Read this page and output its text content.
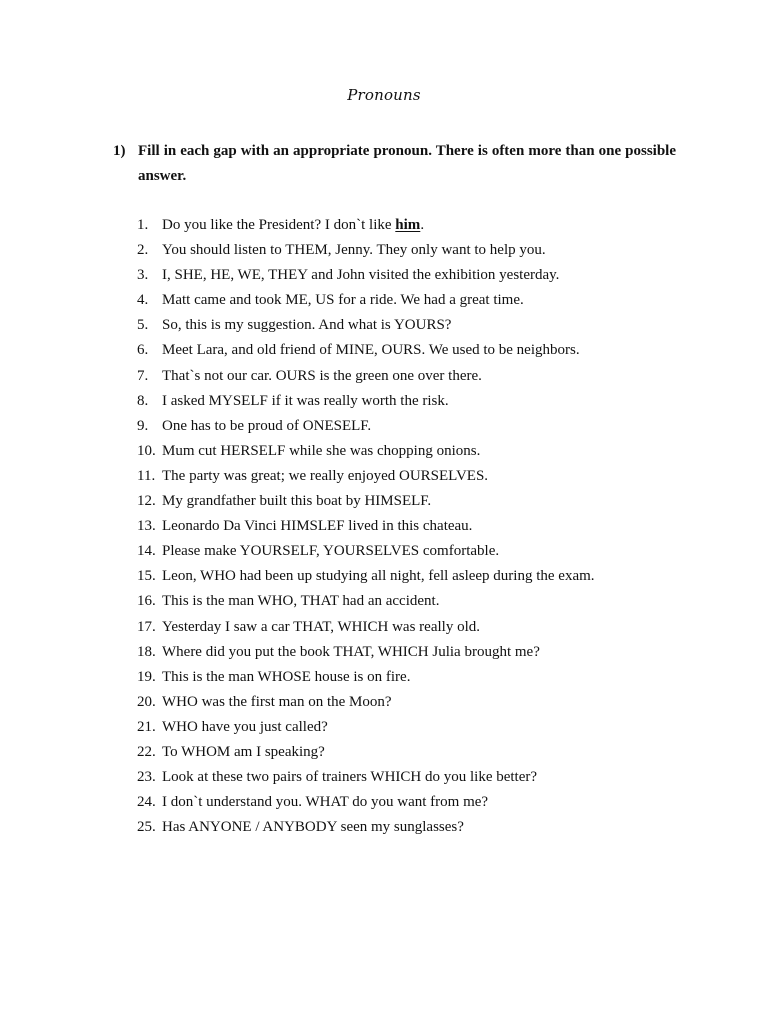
Pronouns
1) Fill in each gap with an appropriate pronoun. There is often more than one possible answer.
1. Do you like the President? I don`t like him.
2. You should listen to THEM, Jenny. They only want to help you.
3. I, SHE, HE, WE, THEY and John visited the exhibition yesterday.
4. Matt came and took ME, US for a ride. We had a great time.
5. So, this is my suggestion. And what is YOURS?
6. Meet Lara, and old friend of MINE, OURS. We used to be neighbors.
7. That`s not our car. OURS is the green one over there.
8. I asked MYSELF if it was really worth the risk.
9. One has to be proud of ONESELF.
10. Mum cut HERSELF while she was chopping onions.
11. The party was great; we really enjoyed OURSELVES.
12. My grandfather built this boat by HIMSELF.
13. Leonardo Da Vinci HIMSLEF lived in this chateau.
14. Please make YOURSELF, YOURSELVES comfortable.
15. Leon, WHO had been up studying all night, fell asleep during the exam.
16. This is the man WHO, THAT had an accident.
17. Yesterday I saw a car THAT, WHICH was really old.
18. Where did you put the book THAT, WHICH Julia brought me?
19. This is the man WHOSE house is on fire.
20. WHO was the first man on the Moon?
21. WHO have you just called?
22. To WHOM am I speaking?
23. Look at these two pairs of trainers WHICH do you like better?
24. I don`t understand you. WHAT do you want from me?
25. Has ANYONE / ANYBODY seen my sunglasses?
